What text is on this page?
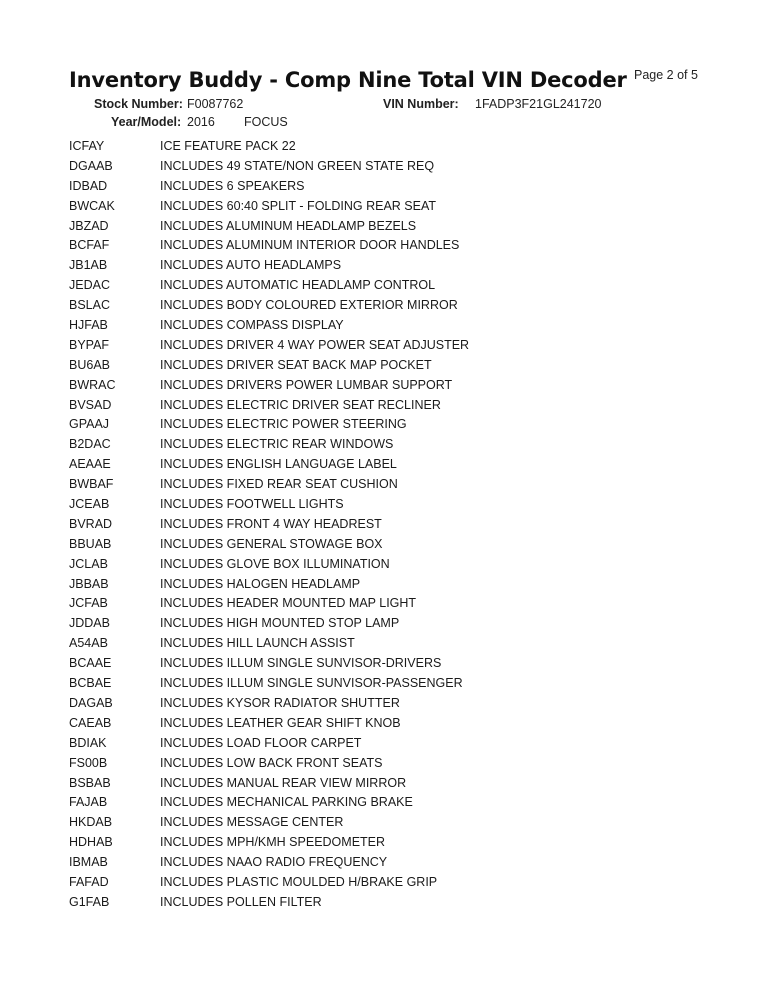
Inventory Buddy - Comp Nine Total VIN Decoder Page 2 of 5
Stock Number: F0087762	VIN Number: 1FADP3F21GL241720
Year/Model: 2016 FOCUS
ICFAY	ICE FEATURE PACK 22
DGAAB	INCLUDES 49 STATE/NON GREEN STATE REQ
IDBAD	INCLUDES 6 SPEAKERS
BWCAK	INCLUDES 60:40 SPLIT - FOLDING REAR SEAT
JBZAD	INCLUDES ALUMINUM HEADLAMP BEZELS
BCFAF	INCLUDES ALUMINUM INTERIOR DOOR HANDLES
JB1AB	INCLUDES AUTO HEADLAMPS
JEDAC	INCLUDES AUTOMATIC HEADLAMP CONTROL
BSLAC	INCLUDES BODY COLOURED EXTERIOR MIRROR
HJFAB	INCLUDES COMPASS DISPLAY
BYPAF	INCLUDES DRIVER 4 WAY POWER SEAT ADJUSTER
BU6AB	INCLUDES DRIVER SEAT BACK MAP POCKET
BWRAC	INCLUDES DRIVERS POWER LUMBAR SUPPORT
BVSAD	INCLUDES ELECTRIC DRIVER SEAT RECLINER
GPAAJ	INCLUDES ELECTRIC POWER STEERING
B2DAC	INCLUDES ELECTRIC REAR WINDOWS
AEAAE	INCLUDES ENGLISH LANGUAGE LABEL
BWBAF	INCLUDES FIXED REAR SEAT CUSHION
JCEAB	INCLUDES FOOTWELL LIGHTS
BVRAD	INCLUDES FRONT 4 WAY HEADREST
BBUAB	INCLUDES GENERAL STOWAGE BOX
JCLAB	INCLUDES GLOVE BOX ILLUMINATION
JBBAB	INCLUDES HALOGEN HEADLAMP
JCFAB	INCLUDES HEADER MOUNTED MAP LIGHT
JDDAB	INCLUDES HIGH MOUNTED STOP LAMP
A54AB	INCLUDES HILL LAUNCH ASSIST
BCAAE	INCLUDES ILLUM SINGLE SUNVISOR-DRIVERS
BCBAE	INCLUDES ILLUM SINGLE SUNVISOR-PASSENGER
DAGAB	INCLUDES KYSOR RADIATOR SHUTTER
CAEAB	INCLUDES LEATHER GEAR SHIFT KNOB
BDIAK	INCLUDES LOAD FLOOR CARPET
FS00B	INCLUDES LOW BACK FRONT SEATS
BSBAB	INCLUDES MANUAL REAR VIEW MIRROR
FAJAB	INCLUDES MECHANICAL PARKING BRAKE
HKDAB	INCLUDES MESSAGE CENTER
HDHAB	INCLUDES MPH/KMH SPEEDOMETER
IBMAB	INCLUDES NAAO RADIO FREQUENCY
FAFAD	INCLUDES PLASTIC MOULDED H/BRAKE GRIP
G1FAB	INCLUDES POLLEN FILTER
